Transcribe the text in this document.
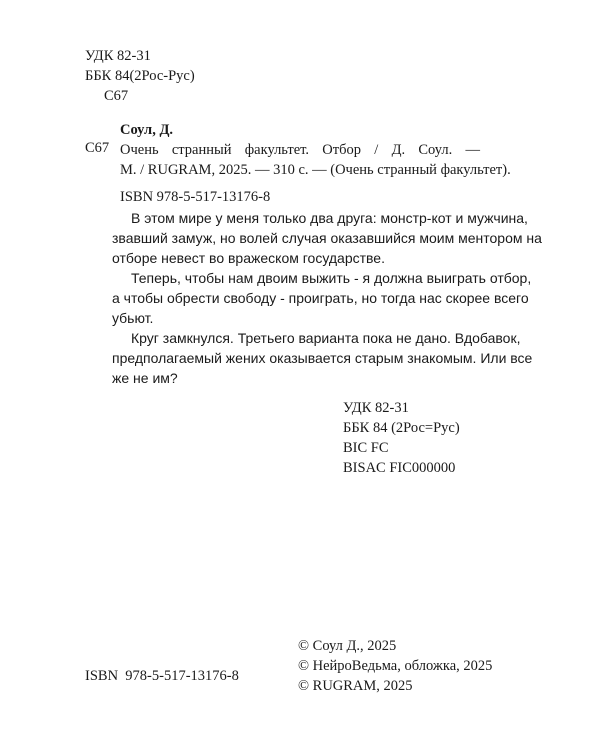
УДК 82-31
ББК 84(2Рос-Рус)
С67
С67
Соул, Д.
Очень странный факультет. Отбор / Д. Соул. —
М. / RUGRAM, 2025. — 310 с. — (Очень странный факультет).
ISBN 978-5-517-13176-8
В этом мире у меня только два друга: монстр-кот и мужчина,
звавший замуж, но волей случая оказавшийся моим ментором на
отборе невест во вражеском государстве.
Теперь, чтобы нам двоим выжить - я должна выиграть отбор,
а чтобы обрести свободу - проиграть, но тогда нас скорее всего
убьют.
Круг замкнулся. Третьего варианта пока не дано. Вдобавок,
предполагаемый жених оказывается старым знакомым. Или все
же не им?
УДК 82-31
ББК 84 (2Рос=Рус)
BIC FC
BISAC FIC000000
© Соул Д., 2025
© НейроВедьма, обложка, 2025
© RUGRAM, 2025
ISBN  978-5-517-13176-8
